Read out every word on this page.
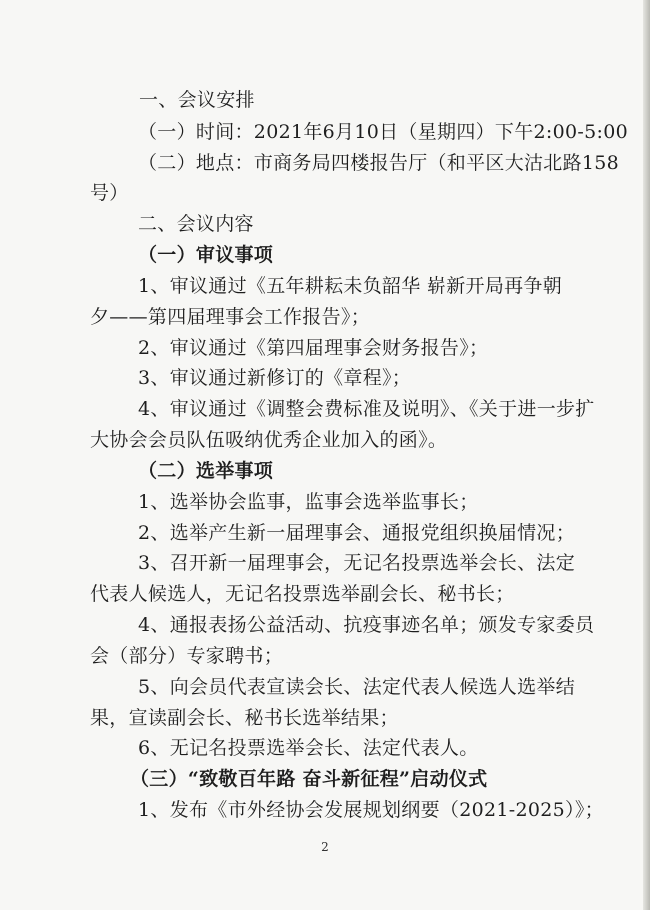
一、会议安排

（一）时间：2021年6月10日（星期四）下午2:00-5:00

（二）地点：市商务局四楼报告厅（和平区大沽北路158

号）

二、会议内容

（一）审议事项

1、审议通过《五年耕耘未负韶华 崭新开局再争朝

夕——第四届理事会工作报告》；

2、审议通过《第四届理事会财务报告》；

3、审议通过新修订的《章程》；

4、审议通过《调整会费标准及说明》、《关于进一步扩

大协会会员队伍吸纳优秀企业加入的函》。

（二）选举事项

1、选举协会监事，监事会选举监事长；

2、选举产生新一届理事会、通报党组织换届情况；

3、召开新一届理事会，无记名投票选举会长、法定

代表人候选人，无记名投票选举副会长、秘书长；

4、通报表扬公益活动、抗疫事迹名单；颁发专家委员

会（部分）专家聘书；

5、向会员代表宣读会长、法定代表人候选人选举结

果，宣读副会长、秘书长选举结果；

6、无记名投票选举会长、法定代表人。

（三）“致敬百年路 奋斗新征程”启动仪式

1、发布《市外经协会发展规划纲要（2021-2025）》；

2
